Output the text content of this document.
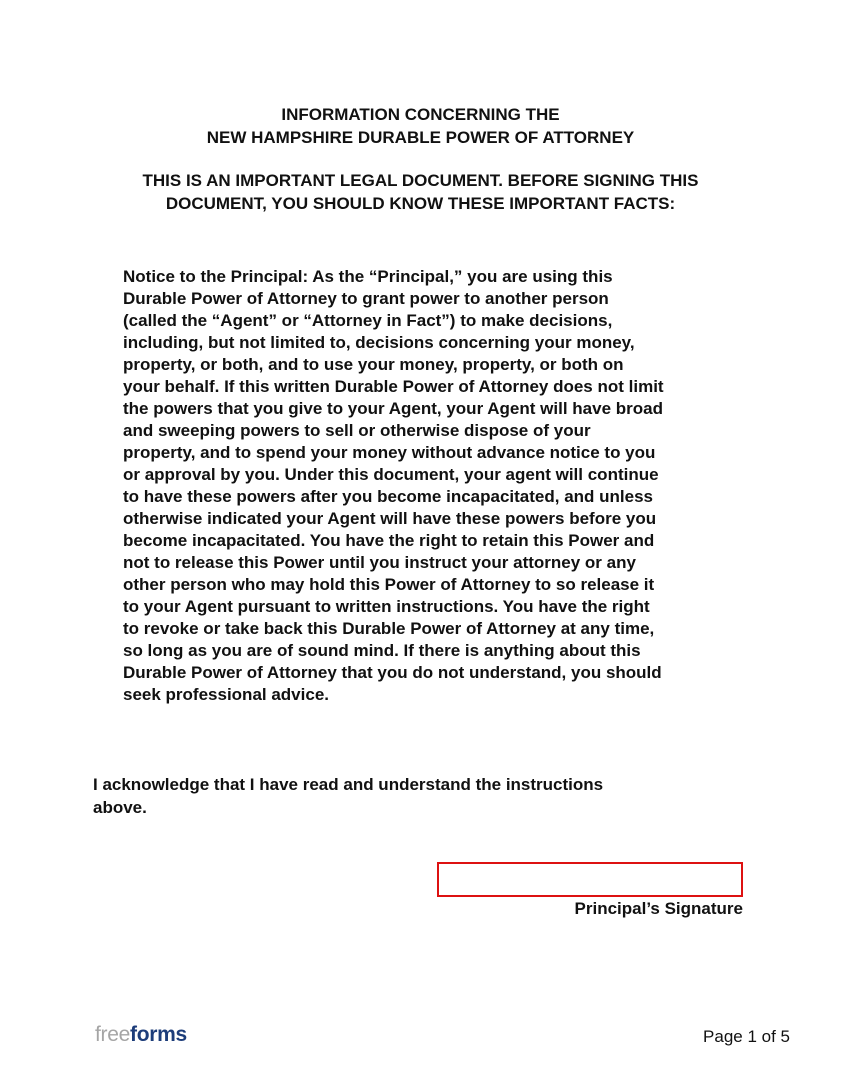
INFORMATION CONCERNING THE
NEW HAMPSHIRE DURABLE POWER OF ATTORNEY
THIS IS AN IMPORTANT LEGAL DOCUMENT. BEFORE SIGNING THIS
DOCUMENT, YOU SHOULD KNOW THESE IMPORTANT FACTS:
Notice to the Principal: As the “Principal,” you are using this
Durable Power of Attorney to grant power to another person
(called the “Agent” or “Attorney in Fact”) to make decisions,
including, but not limited to, decisions concerning your money,
property, or both, and to use your money, property, or both on
your behalf. If this written Durable Power of Attorney does not limit
the powers that you give to your Agent, your Agent will have broad
and sweeping powers to sell or otherwise dispose of your
property, and to spend your money without advance notice to you
or approval by you. Under this document, your agent will continue
to have these powers after you become incapacitated, and unless
otherwise indicated your Agent will have these powers before you
become incapacitated. You have the right to retain this Power and
not to release this Power until you instruct your attorney or any
other person who may hold this Power of Attorney to so release it
to your Agent pursuant to written instructions. You have the right
to revoke or take back this Durable Power of Attorney at any time,
so long as you are of sound mind. If there is anything about this
Durable Power of Attorney that you do not understand, you should
seek professional advice.
I acknowledge that I have read and understand the instructions
above.
Principal’s Signature
freeforms	Page 1 of 5
